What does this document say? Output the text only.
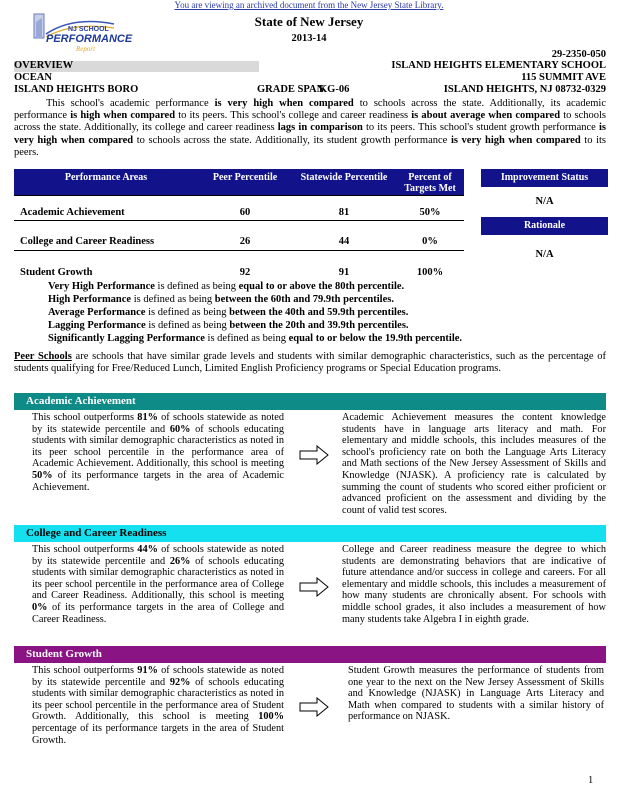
You are viewing an archived document from the New Jersey State Library.
NJ SCHOOL
PERFORMANCE
Report
State of New Jersey
2013-14
29-2350-050
OVERVIEW	ISLAND HEIGHTS ELEMENTARY SCHOOL
OCEAN	115 SUMMIT AVE
ISLAND HEIGHTS BORO	GRADE SPAN
KG-06	ISLAND HEIGHTS, NJ 08732-0329
This school's academic performance is very high when compared to schools across the state. Additionally, its academic performance is high when compared to its peers. This school's college and career readiness is about average when compared to schools across the state. Additionally, its college and career readiness lags in comparison to its peers. This school's student growth performance is very high when compared to schools across the state. Additionally, its student growth performance is very high when compared to its peers.
Performance Areas	Peer Percentile	Statewide Percentile	Percent of Targets Met
Academic Achievement	60	81	50%
College and Career Readiness	26	44	0%
Student Growth	92	91	100%
Improvement Status
N/A
Rationale
N/A
Very High Performance is defined as being equal to or above the 80th percentile.
High Performance is defined as being between the 60th and 79.9th percentiles.
Average Performance is defined as being between the 40th and 59.9th percentiles.
Lagging Performance is defined as being between the 20th and 39.9th percentiles.
Significantly Lagging Performance is defined as being equal to or below the 19.9th percentile.
Peer Schools are schools that have similar grade levels and students with similar demographic characteristics, such as the percentage of students qualifying for Free/Reduced Lunch, Limited English Proficiency programs or Special Education programs.
Academic Achievement
This school outperforms 81% of schools statewide as noted by its statewide percentile and 60% of schools educating students with similar demographic characteristics as noted in its peer school percentile in the performance area of Academic Achievement. Additionally, this school is meeting 50% of its performance targets in the area of Academic Achievement.
Academic Achievement measures the content knowledge students have in language arts literacy and math. For elementary and middle schools, this includes measures of the school's proficiency rate on both the Language Arts Literacy and Math sections of the New Jersey Assessment of Skills and Knowledge (NJASK). A proficiency rate is calculated by summing the count of students who scored either proficient or advanced proficient on the assessment and dividing by the count of valid test scores.
College and Career Readiness
This school outperforms 44% of schools statewide as noted by its statewide percentile and 26% of schools educating students with similar demographic characteristics as noted in its peer school percentile in the performance area of College and Career Readiness. Additionally, this school is meeting 0% of its performance targets in the area of College and Career Readiness.
College and Career readiness measure the degree to which students are demonstrating behaviors that are indicative of future attendance and/or success in college and careers. For all elementary and middle schools, this includes a measurement of how many students are chronically absent. For schools with middle school grades, it also includes a measurement of how many students take Algebra I in eighth grade.
Student Growth
This school outperforms 91% of schools statewide as noted by its statewide percentile and 92% of schools educating students with similar demographic characteristics as noted in its peer school percentile in the performance area of Student Growth. Additionally, this school is meeting 100% percentage of its performance targets in the area of Student Growth.
Student Growth measures the performance of students from one year to the next on the New Jersey Assessment of Skills and Knowledge (NJASK) in Language Arts Literacy and Math when compared to students with a similar history of performance on NJASK.
1
